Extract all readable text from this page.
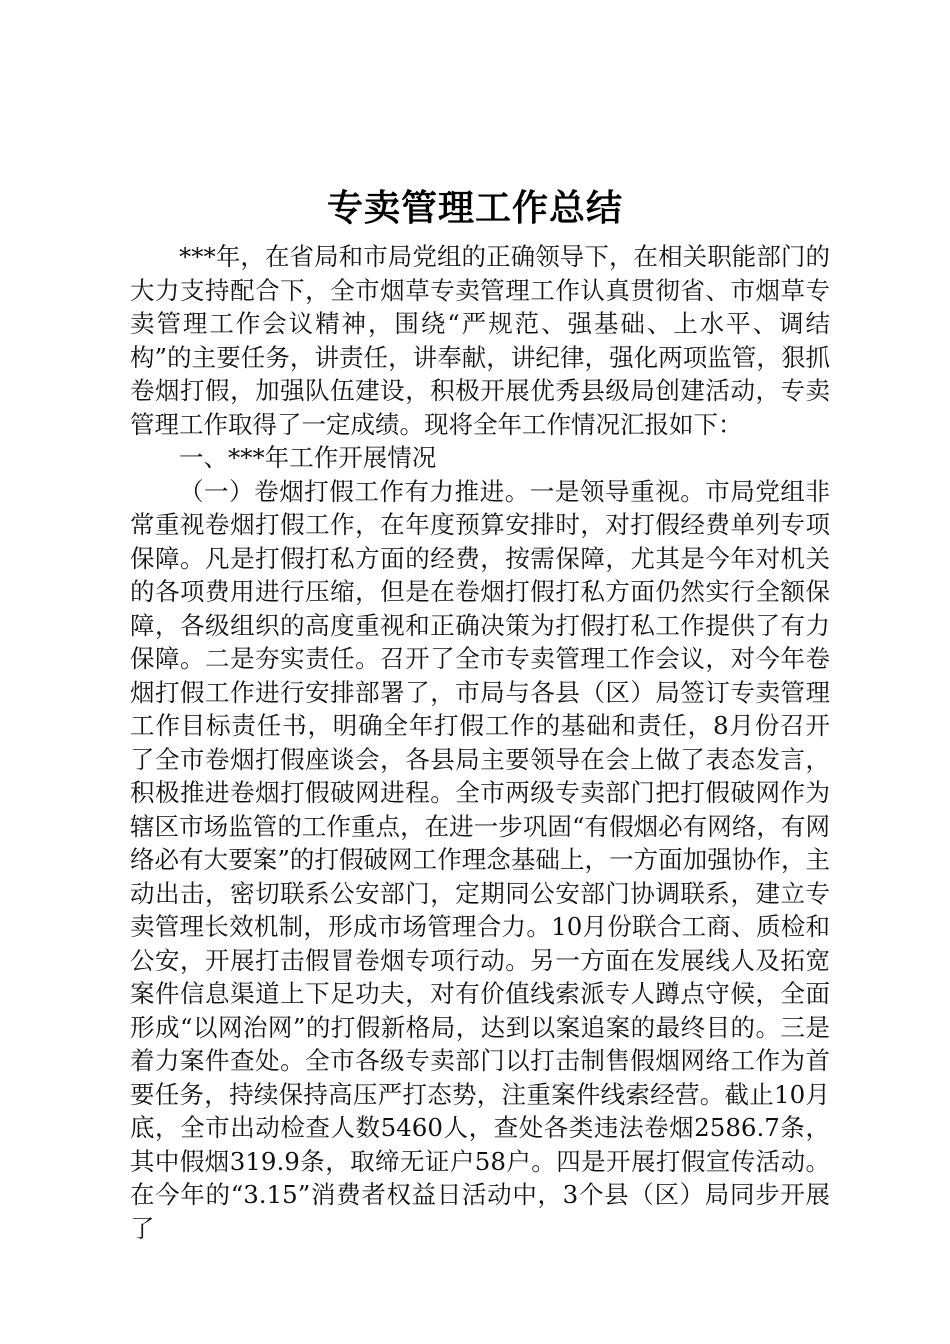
专卖管理工作总结

***年，在省局和市局党组的正确领导下，在相关职能部门的大力支持配合下，全市烟草专卖管理工作认真贯彻省、市烟草专卖管理工作会议精神，围绕“严规范、强基础、上水平、调结构”的主要任务，讲责任，讲奉献，讲纪律，强化两项监管，狠抓卷烟打假，加强队伍建设，积极开展优秀县级局创建活动，专卖管理工作取得了一定成绩。现将全年工作情况汇报如下：

一、***年工作开展情况

（一）卷烟打假工作有力推进。一是领导重视。市局党组非常重视卷烟打假工作，在年度预算安排时，对打假经费单列专项保障。凡是打假打私方面的经费，按需保障，尤其是今年对机关的各项费用进行压缩，但是在卷烟打假打私方面仍然实行全额保障，各级组织的高度重视和正确决策为打假打私工作提供了有力保障。二是夯实责任。召开了全市专卖管理工作会议，对今年卷烟打假工作进行安排部署了，市局与各县（区）局签订专卖管理工作目标责任书，明确全年打假工作的基础和责任，8月份召开了全市卷烟打假座谈会，各县局主要领导在会上做了表态发言，积极推进卷烟打假破网进程。全市两级专卖部门把打假破网作为辖区市场监管的工作重点，在进一步巩固“有假烟必有网络，有网络必有大要案”的打假破网工作理念基础上，一方面加强协作，主动出击，密切联系公安部门，定期同公安部门协调联系，建立专卖管理长效机制，形成市场管理合力。10月份联合工商、质检和公安，开展打击假冒卷烟专项行动。另一方面在发展线人及拓宽案件信息渠道上下足功夫，对有价值线索派专人蹲点守候，全面形成“以网治网”的打假新格局，达到以案追案的最终目的。三是着力案件查处。全市各级专卖部门以打击制售假烟网络工作为首要任务，持续保持高压严打态势，注重案件线索经营。截止10月底，全市出动检查人数5460人，查处各类违法卷烟2586.7条，其中假烟319.9条，取缔无证户58户。四是开展打假宣传活动。在今年的“3.15”消费者权益日活动中，3个县（区）局同步开展了
